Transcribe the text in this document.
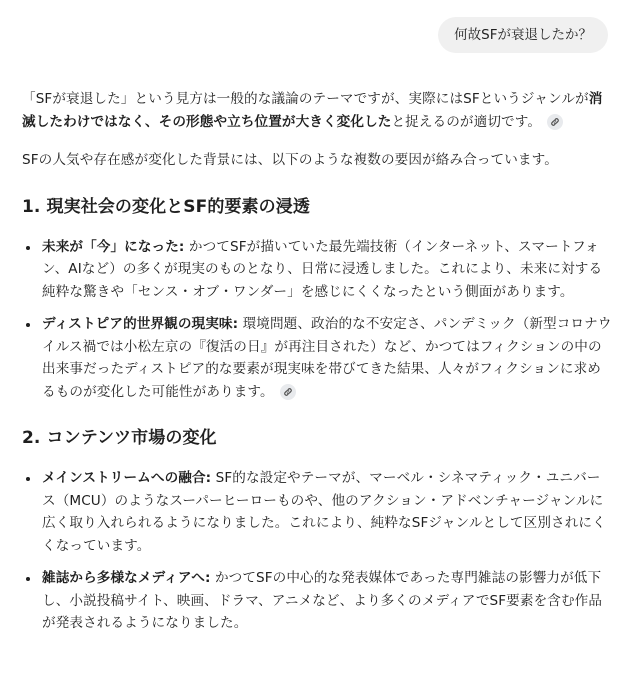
何故SFが衰退したか？

「SFが衰退した」という見方は一般的な議論のテーマですが、実際にはSFというジャンルが消滅したわけではなく、その形態や立ち位置が大きく変化したと捉えるのが適切です。

SFの人気や存在感が変化した背景には、以下のような複数の要因が絡み合っています。

1. 現実社会の変化とSF的要素の浸透
• 未来が「今」になった: かつてSFが描いていた最先端技術（インターネット、スマートフォン、AIなど）の多くが現実のものとなり、日常に浸透しました。これにより、未来に対する純粋な驚きや「センス・オブ・ワンダー」を感じにくくなったという側面があります。
• ディストピア的世界観の現実味: 環境問題、政治的な不安定さ、パンデミック（新型コロナウイルス禍では小松左京の『復活の日』が再注目された）など、かつてはフィクションの中の出来事だったディストピア的な要素が現実味を帯びてきた結果、人々がフィクションに求めるものが変化した可能性があります。
2. コンテンツ市場の変化
• メインストリームへの融合: SF的な設定やテーマが、マーベル・シネマティック・ユニバース（MCU）のようなスーパーヒーローものや、他のアクション・アドベンチャージャンルに広く取り入れられるようになりました。これにより、純粋なSFジャンルとして区別されにくくなっています。
• 雑誌から多様なメディアへ: かつてSFの中心的な発表媒体であった専門雑誌の影響力が低下し、小説投稿サイト、映画、ドラマ、アニメなど、より多くのメディアでSF要素を含む作品が発表されるようになりました。
